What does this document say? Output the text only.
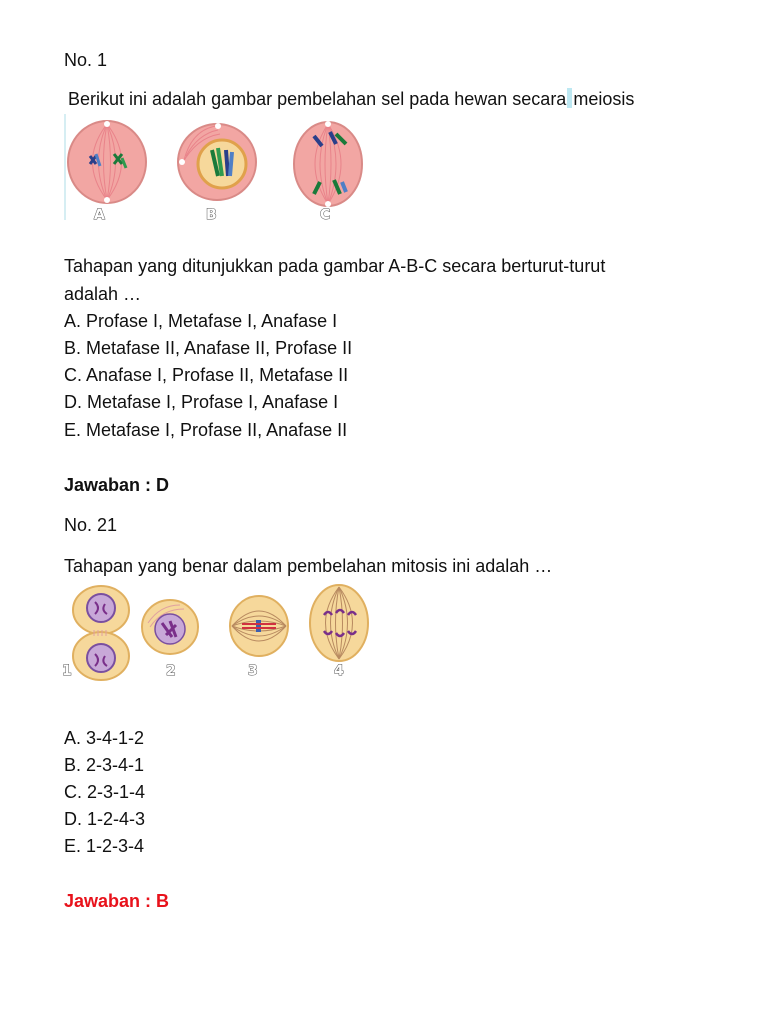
No. 1
Berikut ini adalah gambar pembelahan sel pada hewan secara meiosis
A	B	C
Tahapan yang ditunjukkan pada gambar A-B-C secara berturut-turut
adalah …
A. Profase I, Metafase I, Anafase I
B. Metafase II, Anafase II, Profase II
C. Anafase I, Profase II, Metafase II
D. Metafase I, Profase I, Anafase I
E. Metafase I, Profase II, Anafase II
Jawaban : D
No. 21
Tahapan yang benar dalam pembelahan mitosis ini adalah …
1	2	3	4
A. 3-4-1-2
B. 2-3-4-1
C. 2-3-1-4
D. 1-2-4-3
E. 1-2-3-4
Jawaban : B
